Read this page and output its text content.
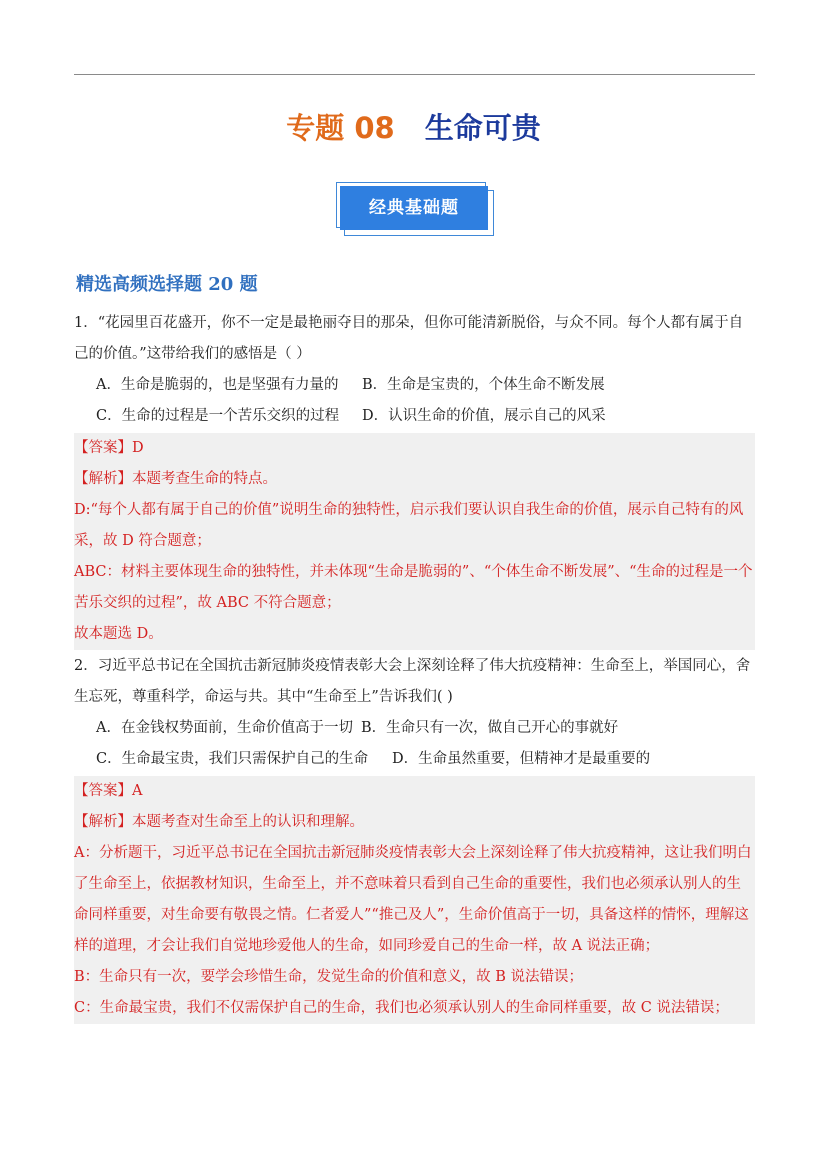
专题 08 生命可贵
经典基础题
精选高频选择题 20 题
1．“花园里百花盛开，你不一定是最艳丽夺目的那朵，但你可能清新脱俗，与众不同。每个人都有属于自
己的价值。”这带给我们的感悟是（ ）
A．生命是脆弱的，也是坚强有力量的 B．生命是宝贵的，个体生命不断发展
C．生命的过程是一个苦乐交织的过程 D．认识生命的价值，展示自己的风采
【答案】D
【解析】本题考查生命的特点。
D:“每个人都有属于自己的价值”说明生命的独特性，启示我们要认识自我生命的价值，展示自己特有的风
采，故 D 符合题意；
ABC：材料主要体现生命的独特性，并未体现“生命是脆弱的”、“个体生命不断发展”、“生命的过程是一个
苦乐交织的过程”，故 ABC 不符合题意；
故本题选 D。
2．习近平总书记在全国抗击新冠肺炎疫情表彰大会上深刻诠释了伟大抗疫精神：生命至上，举国同心，舍
生忘死，尊重科学，命运与共。其中“生命至上”告诉我们( )
A．在金钱权势面前，生命价值高于一切 B．生命只有一次，做自己开心的事就好
C．生命最宝贵，我们只需保护自己的生命 D．生命虽然重要，但精神才是最重要的
【答案】A
【解析】本题考查对生命至上的认识和理解。
A：分析题干，习近平总书记在全国抗击新冠肺炎疫情表彰大会上深刻诠释了伟大抗疫精神，这让我们明白
了生命至上，依据教材知识，生命至上，并不意味着只看到自己生命的重要性，我们也必须承认别人的生
命同样重要，对生命要有敬畏之情。仁者爱人”“推己及人”，生命价值高于一切，具备这样的情怀，理解这
样的道理，才会让我们自觉地珍爱他人的生命，如同珍爱自己的生命一样，故 A 说法正确；
B：生命只有一次，要学会珍惜生命，发觉生命的价值和意义，故 B 说法错误；
C：生命最宝贵，我们不仅需保护自己的生命，我们也必须承认别人的生命同样重要，故 C 说法错误；
